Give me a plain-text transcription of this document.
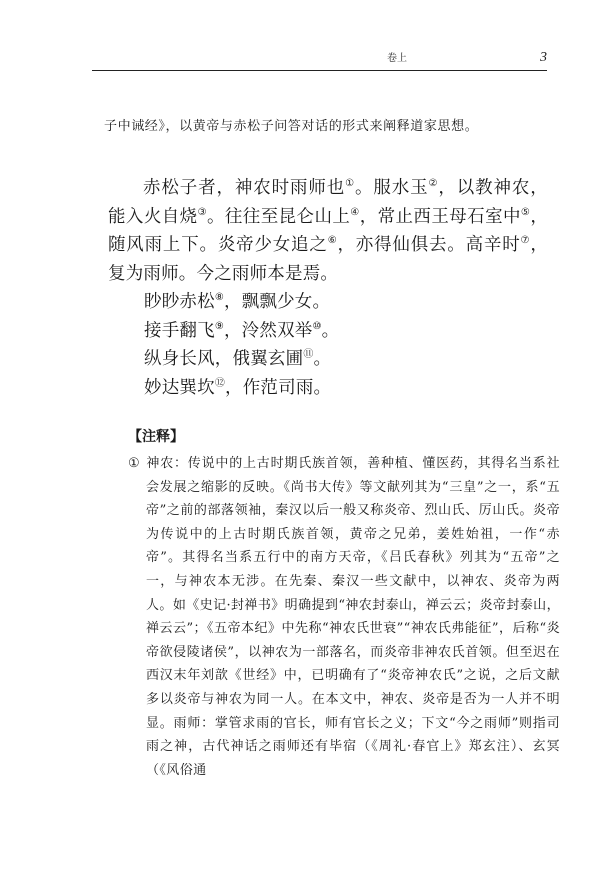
卷上	3
子中诫经》，以黄帝与赤松子问答对话的形式来阐释道家思想。

赤松子者，神农时雨师也①。服水玉②，以教神农，能入火自烧③。往往至昆仑山上④，常止西王母石室中⑤，随风雨上下。炎帝少女追之⑥，亦得仙俱去。高辛时⑦，复为雨师。今之雨师本是焉。

眇眇赤松⑧，飘飘少女。
接手翻飞⑨，泠然双举⑩。
纵身长风，俄翼玄圃⑪。
妙达巽坎⑫，作范司雨。
【注释】

① 神农：传说中的上古时期氏族首领，善种植、懂医药，其得名当系社会发展之缩影的反映。《尚书大传》等文献列其为“三皇”之一，系“五帝”之前的部落领袖，秦汉以后一般又称炎帝、烈山氏、厉山氏。炎帝为传说中的上古时期氏族首领，黄帝之兄弟，姜姓始祖，一作“赤帝”。其得名当系五行中的南方天帝，《吕氏春秋》列其为“五帝”之一，与神农本无涉。在先秦、秦汉一些文献中，以神农、炎帝为两人。如《史记·封禅书》明确提到“神农封泰山，禅云云；炎帝封泰山，禅云云”；《五帝本纪》中先称“神农氏世衰”“神农氏弗能征”，后称“炎帝欲侵陵诸侯”，以神农为一部落名，而炎帝非神农氏首领。但至迟在西汉末年刘歆《世经》中，已明确有了“炎帝神农氏”之说，之后文献多以炎帝与神农为同一人。在本文中，神农、炎帝是否为一人并不明显。雨师：掌管求雨的官长，师有官长之义；下文“今之雨师”则指司雨之神，古代神话之雨师还有毕宿（《周礼·春官上》郑玄注）、玄冥（《风俗通
